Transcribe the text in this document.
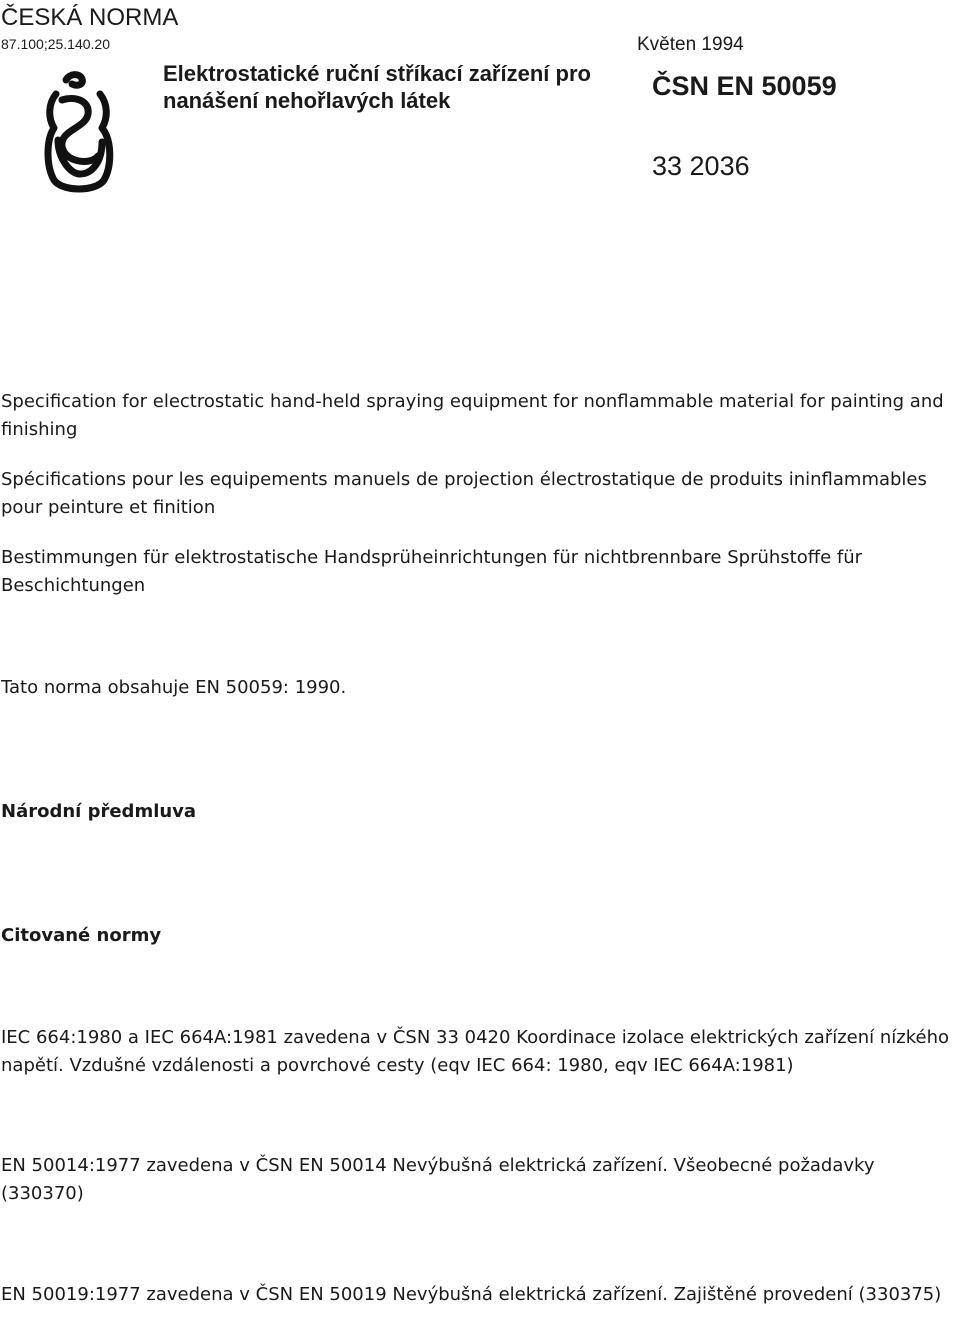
ČESKÁ NORMA
87.100;25.140.20	Květen 1994
Elektrostatické ruční stříkací zařízení pro nanášení nehořlavých látek	ČSN EN 50059
33 2036

Specification for electrostatic hand-held spraying equipment for nonflammable material for painting and finishing

Spécifications pour les equipements manuels de projection électrostatique de produits ininflammables pour peinture et finition

Bestimmungen für elektrostatische Handsprüheinrichtungen für nichtbrennbare Sprühstoffe für Beschichtungen

Tato norma obsahuje EN 50059: 1990.

Národní předmluva

Citované normy

IEC 664:1980 a IEC 664A:1981 zavedena v ČSN 33 0420 Koordinace izolace elektrických zařízení nízkého napětí. Vzdušné vzdálenosti a povrchové cesty (eqv IEC 664: 1980, eqv IEC 664A:1981)

EN 50014:1977 zavedena v ČSN EN 50014 Nevýbušná elektrická zařízení. Všeobecné požadavky (330370)

EN 50019:1977 zavedena v ČSN EN 50019 Nevýbušná elektrická zařízení. Zajištěné provedení (330375)
